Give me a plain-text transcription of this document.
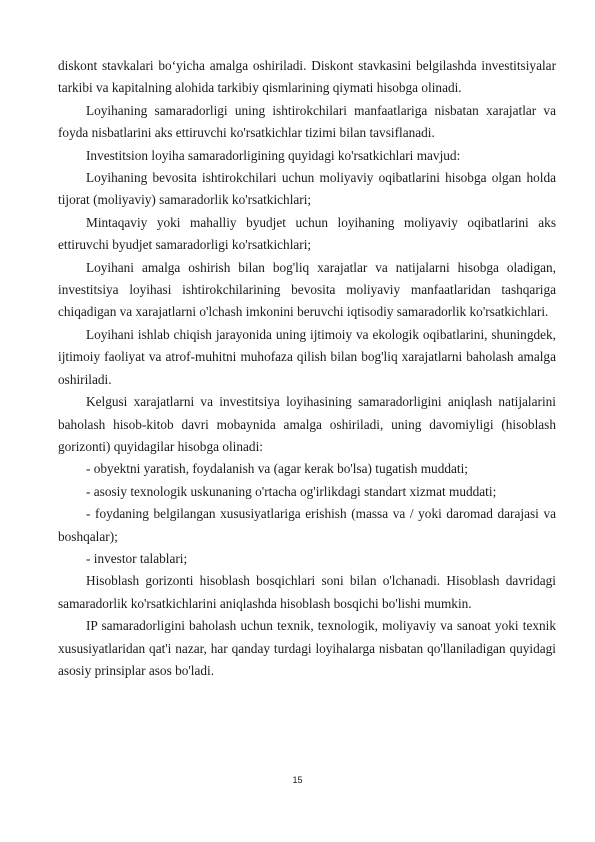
diskont stavkalari bo‘yicha amalga oshiriladi. Diskont stavkasini belgilashda investitsiyalar tarkibi va kapitalning alohida tarkibiy qismlarining qiymati hisobga olinadi.

Loyihaning samaradorligi uning ishtirokchilari manfaatlariga nisbatan xarajatlar va foyda nisbatlarini aks ettiruvchi ko'rsatkichlar tizimi bilan tavsiflanadi.

Investitsion loyiha samaradorligining quyidagi ko'rsatkichlari mavjud:

Loyihaning bevosita ishtirokchilari uchun moliyaviy oqibatlarini hisobga olgan holda tijorat (moliyaviy) samaradorlik ko'rsatkichlari;

Mintaqaviy yoki mahalliy byudjet uchun loyihaning moliyaviy oqibatlarini aks ettiruvchi byudjet samaradorligi ko'rsatkichlari;

Loyihani amalga oshirish bilan bog'liq xarajatlar va natijalarni hisobga oladigan, investitsiya loyihasi ishtirokchilarining bevosita moliyaviy manfaatlaridan tashqariga chiqadigan va xarajatlarni o'lchash imkonini beruvchi iqtisodiy samaradorlik ko'rsatkichlari.

Loyihani ishlab chiqish jarayonida uning ijtimoiy va ekologik oqibatlarini, shuningdek, ijtimoiy faoliyat va atrof-muhitni muhofaza qilish bilan bog'liq xarajatlarni baholash amalga oshiriladi.

Kelgusi xarajatlarni va investitsiya loyihasining samaradorligini aniqlash natijalarini baholash hisob-kitob davri mobaynida amalga oshiriladi, uning davomiyligi (hisoblash gorizonti) quyidagilar hisobga olinadi:

- obyektni yaratish, foydalanish va (agar kerak bo'lsa) tugatish muddati;

- asosiy texnologik uskunaning o'rtacha og'irlikdagi standart xizmat muddati;

- foydaning belgilangan xususiyatlariga erishish (massa va / yoki daromad darajasi va boshqalar);

- investor talablari;

Hisoblash gorizonti hisoblash bosqichlari soni bilan o'lchanadi. Hisoblash davridagi samaradorlik ko'rsatkichlarini aniqlashda hisoblash bosqichi bo'lishi mumkin.

IP samaradorligini baholash uchun texnik, texnologik, moliyaviy va sanoat yoki texnik xususiyatlaridan qat'i nazar, har qanday turdagi loyihalarga nisbatan qo'llaniladigan quyidagi asosiy prinsiplar asos bo'ladi.

15
